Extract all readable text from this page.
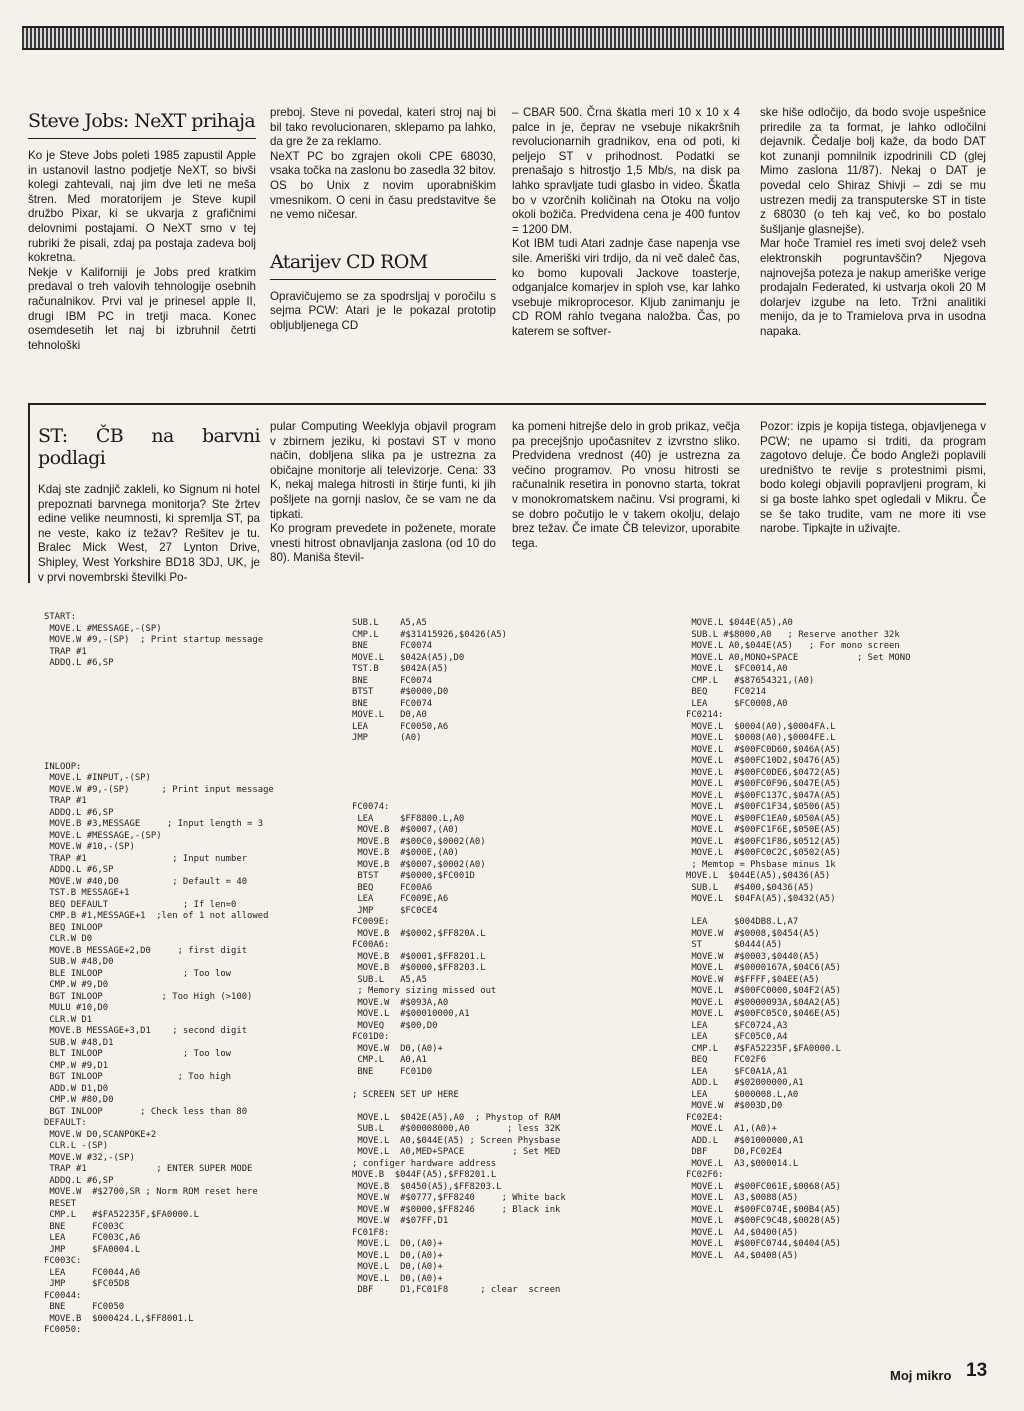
Steve Jobs: NeXT prihaja

Ko je Steve Jobs poleti 1985 zapustil Apple in ustanovil lastno podjetje NeXT, so bivši kolegi zahtevali, naj jim dve leti ne meša štren. Med moratorijem je Steve kupil družbo Pixar, ki se ukvarja z grafičnimi delovnimi postajami. O NeXT smo v tej rubriki že pisali, zdaj pa postaja zadeva bolj kokretna.
Nekje v Kaliforniji je Jobs pred kratkim predaval o treh valovih tehnologije osebnih računalnikov. Prvi val je prinesel apple II, drugi IBM PC in tretji maca. Konec osemdesetih let naj bi izbruhnil četrti tehnološki

preboj. Steve ni povedal, kateri stroj naj bi bil tako revolucionaren, sklepamo pa lahko, da gre že za reklamo.
NeXT PC bo zgrajen okoli CPE 68030, vsaka točka na zaslonu bo zasedla 32 bitov. OS bo Unix z novim uporabniškim vmesnikom. O ceni in času predstavitve še ne vemo ničesar.

Atarijev CD ROM

Opravičujemo se za spodrsljaj v poročilu s sejma PCW: Atari je le pokazal prototip obljubljenega CD

– CBAR 500. Črna škatla meri 10 x 10 x 4 palce in je, čeprav ne vsebuje nikakršnih revolucionarnih gradnikov, ena od poti, ki peljejo ST v prihodnost. Podatki se prenašajo s hitrostjo 1,5 Mb/s, na disk pa lahko spravljate tudi glasbo in video. Škatla bo v vzorčnih količinah na Otoku na voljo okoli božiča. Predvidena cena je 400 funtov = 1200 DM.
Kot IBM tudi Atari zadnje čase napenja vse sile. Ameriški viri trdijo, da ni več daleč čas, ko bomo kupovali Jackove toasterje, odganjalce komarjev in sploh vse, kar lahko vsebuje mikroprocesor. Kljub zanimanju je CD ROM rahlo tvegana naložba. Čas, po katerem se softver-

ske hiše odločijo, da bodo svoje uspešnice priredile za ta format, je lahko odločilni dejavnik. Čedalje bolj kaže, da bodo DAT kot zunanji pomnilnik izpodrinili CD (glej Mimo zaslona 11/87). Nekaj o DAT je povedal celo Shiraz Shivji – zdi se mu ustrezen medij za transputerske ST in tiste z 68030 (o teh kaj več, ko bo postalo šušljanje glasnejše).
Mar hoče Tramiel res imeti svoj delež vseh elektronskih pogruntavščin? Njegova najnovejša poteza je nakup ameriške verige prodajaln Federated, ki ustvarja okoli 20 M dolarjev izgube na leto. Tržni analitiki menijo, da je to Tramielova prva in usodna napaka.

ST: ČB na barvni podlagi

Kdaj ste zadnjič zakleli, ko Signum ni hotel prepoznati barvnega monitorja? Ste žrtev edine velike neumnosti, ki spremlja ST, pa ne veste, kako iz težav? Rešitev je tu. Bralec Mick West, 27 Lynton Drive, Shipley, West Yorkshire BD18 3DJ, UK, je v prvi novembrski številki Po-

pular Computing Weeklyja objavil program v zbirnem jeziku, ki postavi ST v mono način, dobljena slika pa je ustrezna za običajne monitorje ali televizorje. Cena: 33 K, nekaj malega hitrosti in štirje funti, ki jih pošljete na gornji naslov, če se vam ne da tipkati.
Ko program prevedete in poženete, morate vnesti hitrost obnavljanja zaslona (od 10 do 80). Maniša števil-

ka pomeni hitrejše delo in grob prikaz, večja pa precejšnjo upočasnitev z izvrstno sliko. Predvidena vrednost (40) je ustrezna za večino programov. Po vnosu hitrosti se računalnik resetira in ponovno starta, tokrat v monokromatskem načinu. Vsi programi, ki se dobro počutijo le v takem okolju, delajo brez težav. Če imate ČB televizor, uporabite tega.

Pozor: izpis je kopija tistega, objavljenega v PCW; ne upamo si trditi, da program zagotovo deluje. Če bodo Angleži poplavili uredništvo te revije s protestnimi pismi, bodo kolegi objavili popravljeni program, ki si ga boste lahko spet ogledali v Mikru. Če se še tako trudite, vam ne more iti vse narobe. Tipkajte in uživajte.

START:
MOVE.L #MESSAGE,-(SP)
MOVE.W #9,-(SP)  ; Print startup message
TRAP #1
ADDQ.L #6,SP
INLOOP:
MOVE.L #INPUT,-(SP)
MOVE.W #9,-(SP)      ; Print input message
TRAP #1
ADDQ.L #6,SP
MOVE.B #3,MESSAGE     ; Input length = 3
MOVE.L #MESSAGE,-(SP)
MOVE.W #10,-(SP)
TRAP #1                ; Input number
ADDQ.L #6,SP
MOVE.W #40,D0          ; Default = 40
TST.B MESSAGE+1
BEQ DEFAULT              ; If len=0
CMP.B #1,MESSAGE+1  ;len of 1 not allowed
BEQ INLOOP
CLR.W D0
MOVE.B MESSAGE+2,D0     ; first digit
SUB.W #48,D0
BLE INLOOP               ; Too low
CMP.W #9,D0
BGT INLOOP           ; Too High (>100)
MULU #10,D0
CLR.W D1
MOVE.B MESSAGE+3,D1    ; second digit
SUB.W #48,D1
BLT INLOOP               ; Too low
CMP.W #9,D1
BGT INLOOP              ; Too high
ADD.W D1,D0
CMP.W #80,D0
BGT INLOOP       ; Check less than 80
DEFAULT:
MOVE.W D0,SCANPOKE+2
CLR.L -(SP)
MOVE.W #32,-(SP)
TRAP #1             ; ENTER SUPER MODE
ADDQ.L #6,SP
MOVE.W  #$2700,SR ; Norm ROM reset here
RESET
CMP.L   #$FA52235F,$FA0000.L
BNE     FC003C
LEA     FC003C,A6
JMP     $FA0004.L
FC003C:
LEA     FC0044,A6
JMP     $FC05D8
FC0044:
BNE     FC0050
MOVE.B  $000424.L,$FF8001.L
FC0050:
SUB.L    A5,A5
CMP.L    #$31415926,$0426(A5)
BNE      FC0074
MOVE.L   $042A(A5),D0
TST.B    $042A(A5)
BNE      FC0074
BTST     #$0000,D0
BNE      FC0074
MOVE.L   D0,A0
LEA      FC0050,A6
JMP      (A0)
FC0074:
LEA     $FF8800.L,A0
MOVE.B  #$0007,(A0)
MOVE.B  #$00C0,$0002(A0)
MOVE.B  #$000E,(A0)
MOVE.B  #$0007,$0002(A0)
BTST    #$0000,$FC001D
BEQ     FC00A6
LEA     FC009E,A6
JMP     $FC0CE4
FC009E:
MOVE.B  #$0002,$FF820A.L
FC00A6:
MOVE.B  #$0001,$FF8201.L
MOVE.B  #$0000,$FF8203.L
SUB.L   A5,A5
; Memory sizing missed out
MOVE.W  #$093A,A0
MOVE.L  #$00010000,A1
MOVEQ   #$00,D0
FC01D0:
MOVE.W  D0,(A0)+
CMP.L   A0,A1
BNE     FC01D0
; SCREEN SET UP HERE
MOVE.L  $042E(A5),A0  ; Phystop of RAM
SUB.L   #$00008000,A0       ; less 32K
MOVE.L  A0,$044E(A5) ; Screen Physbase
MOVE.L  A0,MED+SPACE         ; Set MED
; configer hardware address
MOVE.B  $044F(A5),$FF8201.L
MOVE.B  $0450(A5),$FF8203.L
MOVE.W  #$0777,$FF8240     ; White back
MOVE.W  #$0000,$FF8246     ; Black ink
MOVE.W  #$07FF,D1
FC01F8:
MOVE.L  D0,(A0)+
MOVE.L  D0,(A0)+
MOVE.L  D0,(A0)+
MOVE.L  D0,(A0)+
DBF     D1,FC01F8      ; clear  screen
MOVE.L $044E(A5),A0
SUB.L #$8000,A0   ; Reserve another 32k
MOVE.L A0,$044E(A5)   ; For mono screen
MOVE.L A0,MONO+SPACE           ; Set MONO
MOVE.L  $FC0014,A0
CMP.L   #$87654321,(A0)
BEQ     FC0214
LEA     $FC0008,A0
FC0214:
MOVE.L  $0004(A0),$0004FA.L
MOVE.L  $0008(A0),$0004FE.L
MOVE.L  #$00FC0D60,$046A(A5)
MOVE.L  #$00FC10D2,$0476(A5)
MOVE.L  #$00FC0DE6,$0472(A5)
MOVE.L  #$00FC0F96,$047E(A5)
MOVE.L  #$00FC137C,$047A(A5)
MOVE.L  #$00FC1F34,$0506(A5)
MOVE.L  #$00FC1EA0,$050A(A5)
MOVE.L  #$00FC1F6E,$050E(A5)
MOVE.L  #$00FC1F86,$0512(A5)
MOVE.L  #$00FC0C2C,$0502(A5)
; Memtop = Phsbase minus 1k
MOVE.L  $044E(A5),$0436(A5)
SUB.L   #$400,$0436(A5)
MOVE.L  $04FA(A5),$0432(A5)
LEA     $004DB8.L,A7
MOVE.W  #$0008,$0454(A5)
ST      $0444(A5)
MOVE.W  #$0003,$0440(A5)
MOVE.L  #$0000167A,$04C6(A5)
MOVE.W  #$FFFF,$04EE(A5)
MOVE.L  #$00FC0000,$04F2(A5)
MOVE.L  #$0000093A,$04A2(A5)
MOVE.L  #$00FC05C0,$046E(A5)
LEA     $FC0724,A3
LEA     $FC05C0,A4
CMP.L   #$FA52235F,$FA0000.L
BEQ     FC02F6
LEA     $FC0A1A,A1
ADD.L   #$02000000,A1
LEA     $000008.L,A0
MOVE.W  #$003D,D0
FC02E4:
MOVE.L  A1,(A0)+
ADD.L   #$01000000,A1
DBF     D0,FC02E4
MOVE.L  A3,$000014.L
FC02F6:
MOVE.L  #$00FC061E,$0068(A5)
MOVE.L  A3,$0088(A5)
MOVE.L  #$00FC074E,$00B4(A5)
MOVE.L  #$00FC9C48,$0028(A5)
MOVE.L  A4,$0400(A5)
MOVE.L  #$00FC0744,$0404(A5)
MOVE.L  A4,$0408(A5)
Moj mikro 13
